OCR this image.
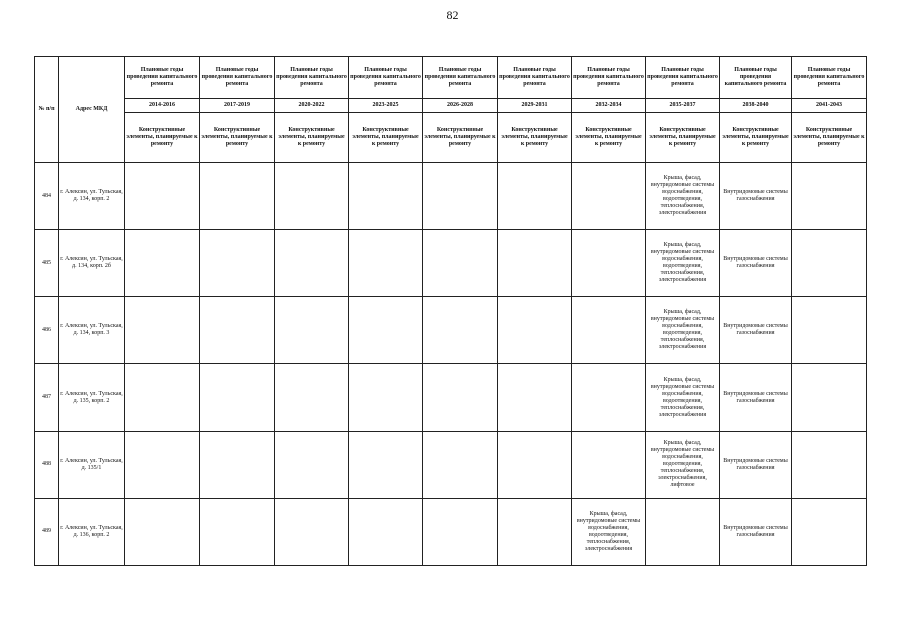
82
№ п/п	Адрес МКД	Плановые годы проведения капитального ремонта	Плановые годы проведения капитального ремонта	Плановые годы проведения капитального ремонта	Плановые годы проведения капитального ремонта	Плановые годы проведения капитального ремонта	Плановые годы проведения капитального ремонта	Плановые годы проведения капитального ремонта	Плановые годы проведения капитального ремонта	Плановые годы проведения капитального ремонта	Плановые годы проведения капитального ремонта
		2014-2016	2017-2019	2020-2022	2023-2025	2026-2028	2029-2031	2032-2034	2035-2037	2038-2040	2041-2043
		Конструктивные элементы, планируемые к ремонту	Конструктивные элементы, планируемые к ремонту	Конструктивные элементы, планируемые к ремонту	Конструктивные элементы, планируемые к ремонту	Конструктивные элементы, планируемые к ремонту	Конструктивные элементы, планируемые к ремонту	Конструктивные элементы, планируемые к ремонту	Конструктивные элементы, планируемые к ремонту	Конструктивные элементы, планируемые к ремонту	Конструктивные элементы, планируемые к ремонту
484	г. Алексин, ул. Тульская, д. 134, корп. 2								Крыша, фасад, внутридомовые системы водоснабжения, водоотведения, теплоснабжения, электроснабжения	Внутридомовые системы газоснабжения	
485	г. Алексин, ул. Тульская, д. 134, корп. 2б								Крыша, фасад, внутридомовые системы водоснабжения, водоотведения, теплоснабжения, электроснабжения	Внутридомовые системы газоснабжения	
486	г. Алексин, ул. Тульская, д. 134, корп. 3								Крыша, фасад, внутридомовые системы водоснабжения, водоотведения, теплоснабжения, электроснабжения	Внутридомовые системы газоснабжения	
487	г. Алексин, ул. Тульская, д. 135, корп. 2								Крыша, фасад, внутридомовые системы водоснабжения, водоотведения, теплоснабжения, электроснабжения	Внутридомовые системы газоснабжения	
488	г. Алексин, ул. Тульская, д. 135/1								Крыша, фасад, внутридомовые системы водоснабжения, водоотведения, теплоснабжения, электроснабжения, лифтовое	Внутридомовые системы газоснабжения	
489	г. Алексин, ул. Тульская, д. 136, корп. 2							Крыша, фасад, внутридомовые системы водоснабжения, водоотведения, теплоснабжения, электроснабжения		Внутридомовые системы газоснабжения	
